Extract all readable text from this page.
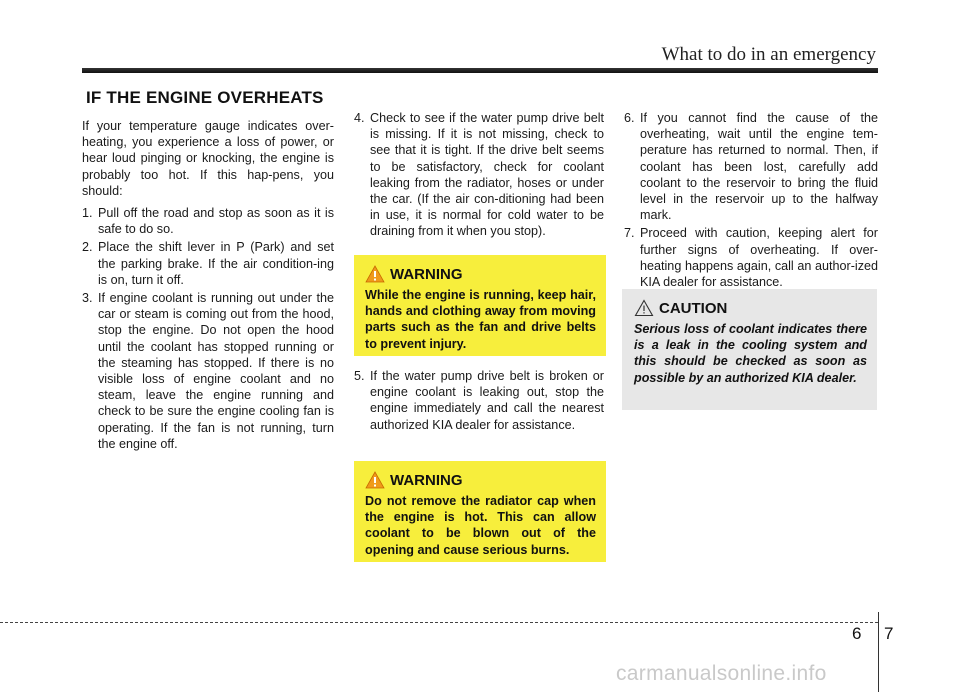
What to do in an emergency
IF THE ENGINE OVERHEATS

If your temperature gauge indicates over-heating, you experience a loss of power, or hear loud pinging or knocking, the engine is probably too hot. If this hap-pens, you should:

1. Pull off the road and stop as soon as it is safe to do so.
2. Place the shift lever in P (Park) and set the parking brake. If the air condition-ing is on, turn it off.
3. If engine coolant is running out under the car or steam is coming out from the hood, stop the engine. Do not open the hood until the coolant has stopped running or the steaming has stopped. If there is no visible loss of engine coolant and no steam, leave the engine running and check to be sure the engine cooling fan is operating. If the fan is not running, turn the engine off.
4. Check to see if the water pump drive belt is missing. If it is not missing, check to see that it is tight. If the drive belt seems to be satisfactory, check for coolant leaking from the radiator, hoses or under the car. (If the air con-ditioning had been in use, it is normal for cold water to be draining from it when you stop).
5. If the water pump drive belt is broken or engine coolant is leaking out, stop the engine immediately and call the nearest authorized KIA dealer for assistance.
6. If you cannot find the cause of the overheating, wait until the engine tem-perature has returned to normal. Then, if coolant has been lost, carefully add coolant to the reservoir to bring the fluid level in the reservoir up to the halfway mark.
7. Proceed with caution, keeping alert for further signs of overheating. If over-heating happens again, call an author-ized KIA dealer for assistance.
WARNING
While the engine is running, keep hair, hands and clothing away from moving parts such as the fan and drive belts to prevent injury.
WARNING
Do not remove the radiator cap when the engine is hot. This can allow coolant to be blown out of the opening and cause serious burns.
CAUTION
Serious loss of coolant indicates there is a leak in the cooling system and this should be checked as soon as possible by an authorized KIA dealer.
6 7
carmanualsonline.info
